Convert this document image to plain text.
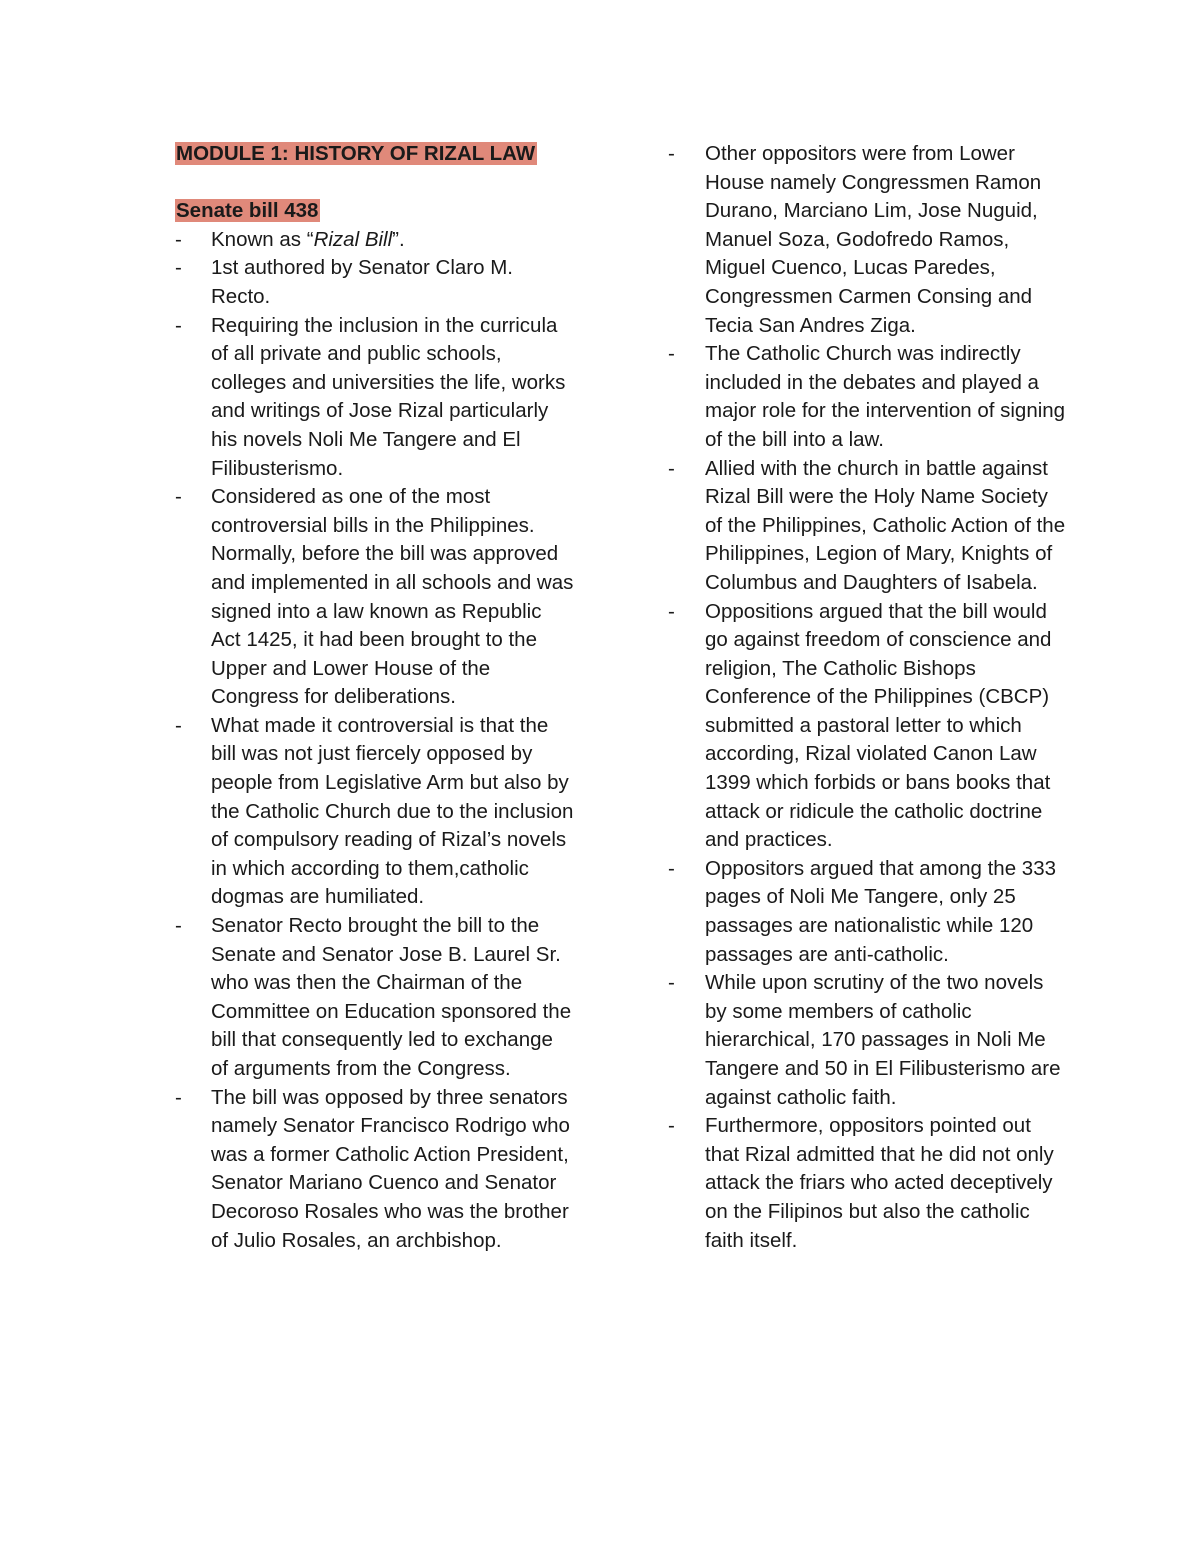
MODULE 1: HISTORY OF RIZAL LAW

Senate bill 438

- Known as “Rizal Bill”.
- 1st authored by Senator Claro M. Recto.
- Requiring the inclusion in the curricula of all private and public schools, colleges and universities the life, works and writings of Jose Rizal particularly his novels Noli Me Tangere and El Filibusterismo.
- Considered as one of the most controversial bills in the Philippines. Normally, before the bill was approved and implemented in all schools and was signed into a law known as Republic Act 1425, it had been brought to the Upper and Lower House of the Congress for deliberations.
- What made it controversial is that the bill was not just fiercely opposed by people from Legislative Arm but also by the Catholic Church due to the inclusion of compulsory reading of Rizal’s novels in which according to them,catholic dogmas are humiliated.
- Senator Recto brought the bill to the Senate and Senator Jose B. Laurel Sr. who was then the Chairman of the Committee on Education sponsored the bill that consequently led to exchange of arguments from the Congress.
- The bill was opposed by three senators namely Senator Francisco Rodrigo who was a former Catholic Action President, Senator Mariano Cuenco and Senator Decoroso Rosales who was the brother of Julio Rosales, an archbishop.
- Other oppositors were from Lower House namely Congressmen Ramon Durano, Marciano Lim, Jose Nuguid, Manuel Soza, Godofredo Ramos, Miguel Cuenco, Lucas Paredes, Congressmen Carmen Consing and Tecia San Andres Ziga.
- The Catholic Church was indirectly included in the debates and played a major role for the intervention of signing of the bill into a law.
- Allied with the church in battle against Rizal Bill were the Holy Name Society of the Philippines, Catholic Action of the Philippines, Legion of Mary, Knights of Columbus and Daughters of Isabela.
- Oppositions argued that the bill would go against freedom of conscience and religion, The Catholic Bishops Conference of the Philippines (CBCP) submitted a pastoral letter to which according, Rizal violated Canon Law 1399 which forbids or bans books that attack or ridicule the catholic doctrine and practices.
- Oppositors argued that among the 333 pages of Noli Me Tangere, only 25 passages are nationalistic while 120 passages are anti-catholic.
- While upon scrutiny of the two novels by some members of catholic hierarchical, 170 passages in Noli Me Tangere and 50 in El Filibusterismo are against catholic faith.
- Furthermore, oppositors pointed out that Rizal admitted that he did not only attack the friars who acted deceptively on the Filipinos but also the catholic faith itself.
